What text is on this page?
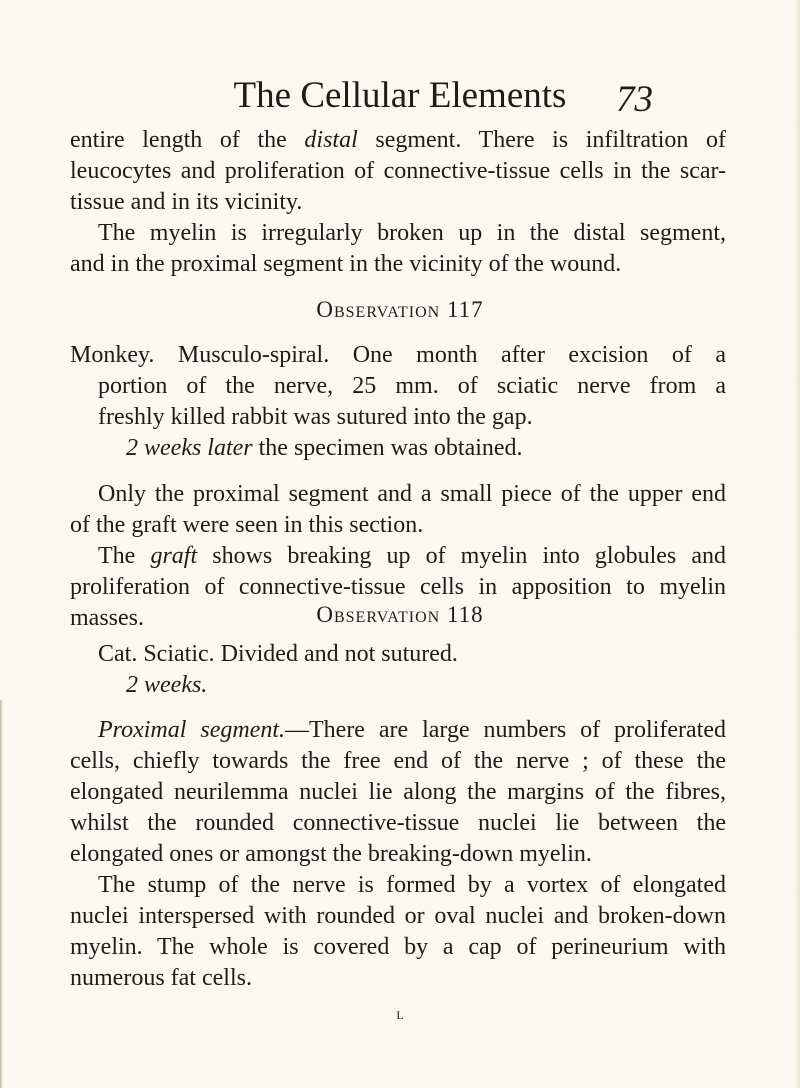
The Cellular Elements	73
entire length of the distal segment. There is infiltration of
leucocytes and proliferation of connective-tissue cells in the scar-
tissue and in its vicinity.
The myelin is irregularly broken up in the distal segment,
and in the proximal segment in the vicinity of the wound.
Observation 117
Monkey. Musculo-spiral. One month after excision of a
portion of the nerve, 25 mm. of sciatic nerve from a
freshly killed rabbit was sutured into the gap.
2 weeks later the specimen was obtained.
Only the proximal segment and a small piece of the upper end
of the graft were seen in this section.
The graft shows breaking up of myelin into globules and
proliferation of connective-tissue cells in apposition to myelin
masses.	Observation 118
Cat. Sciatic. Divided and not sutured.
2 weeks.
Proximal segment.—There are large numbers of proliferated
cells, chiefly towards the free end of the nerve ; of these the
elongated neurilemma nuclei lie along the margins of the fibres,
whilst the rounded connective-tissue nuclei lie between the
elongated ones or amongst the breaking-down myelin.
The stump of the nerve is formed by a vortex of elongated
nuclei interspersed with rounded or oval nuclei and broken-down
myelin. The whole is covered by a cap of perineurium with
numerous fat cells.
L
